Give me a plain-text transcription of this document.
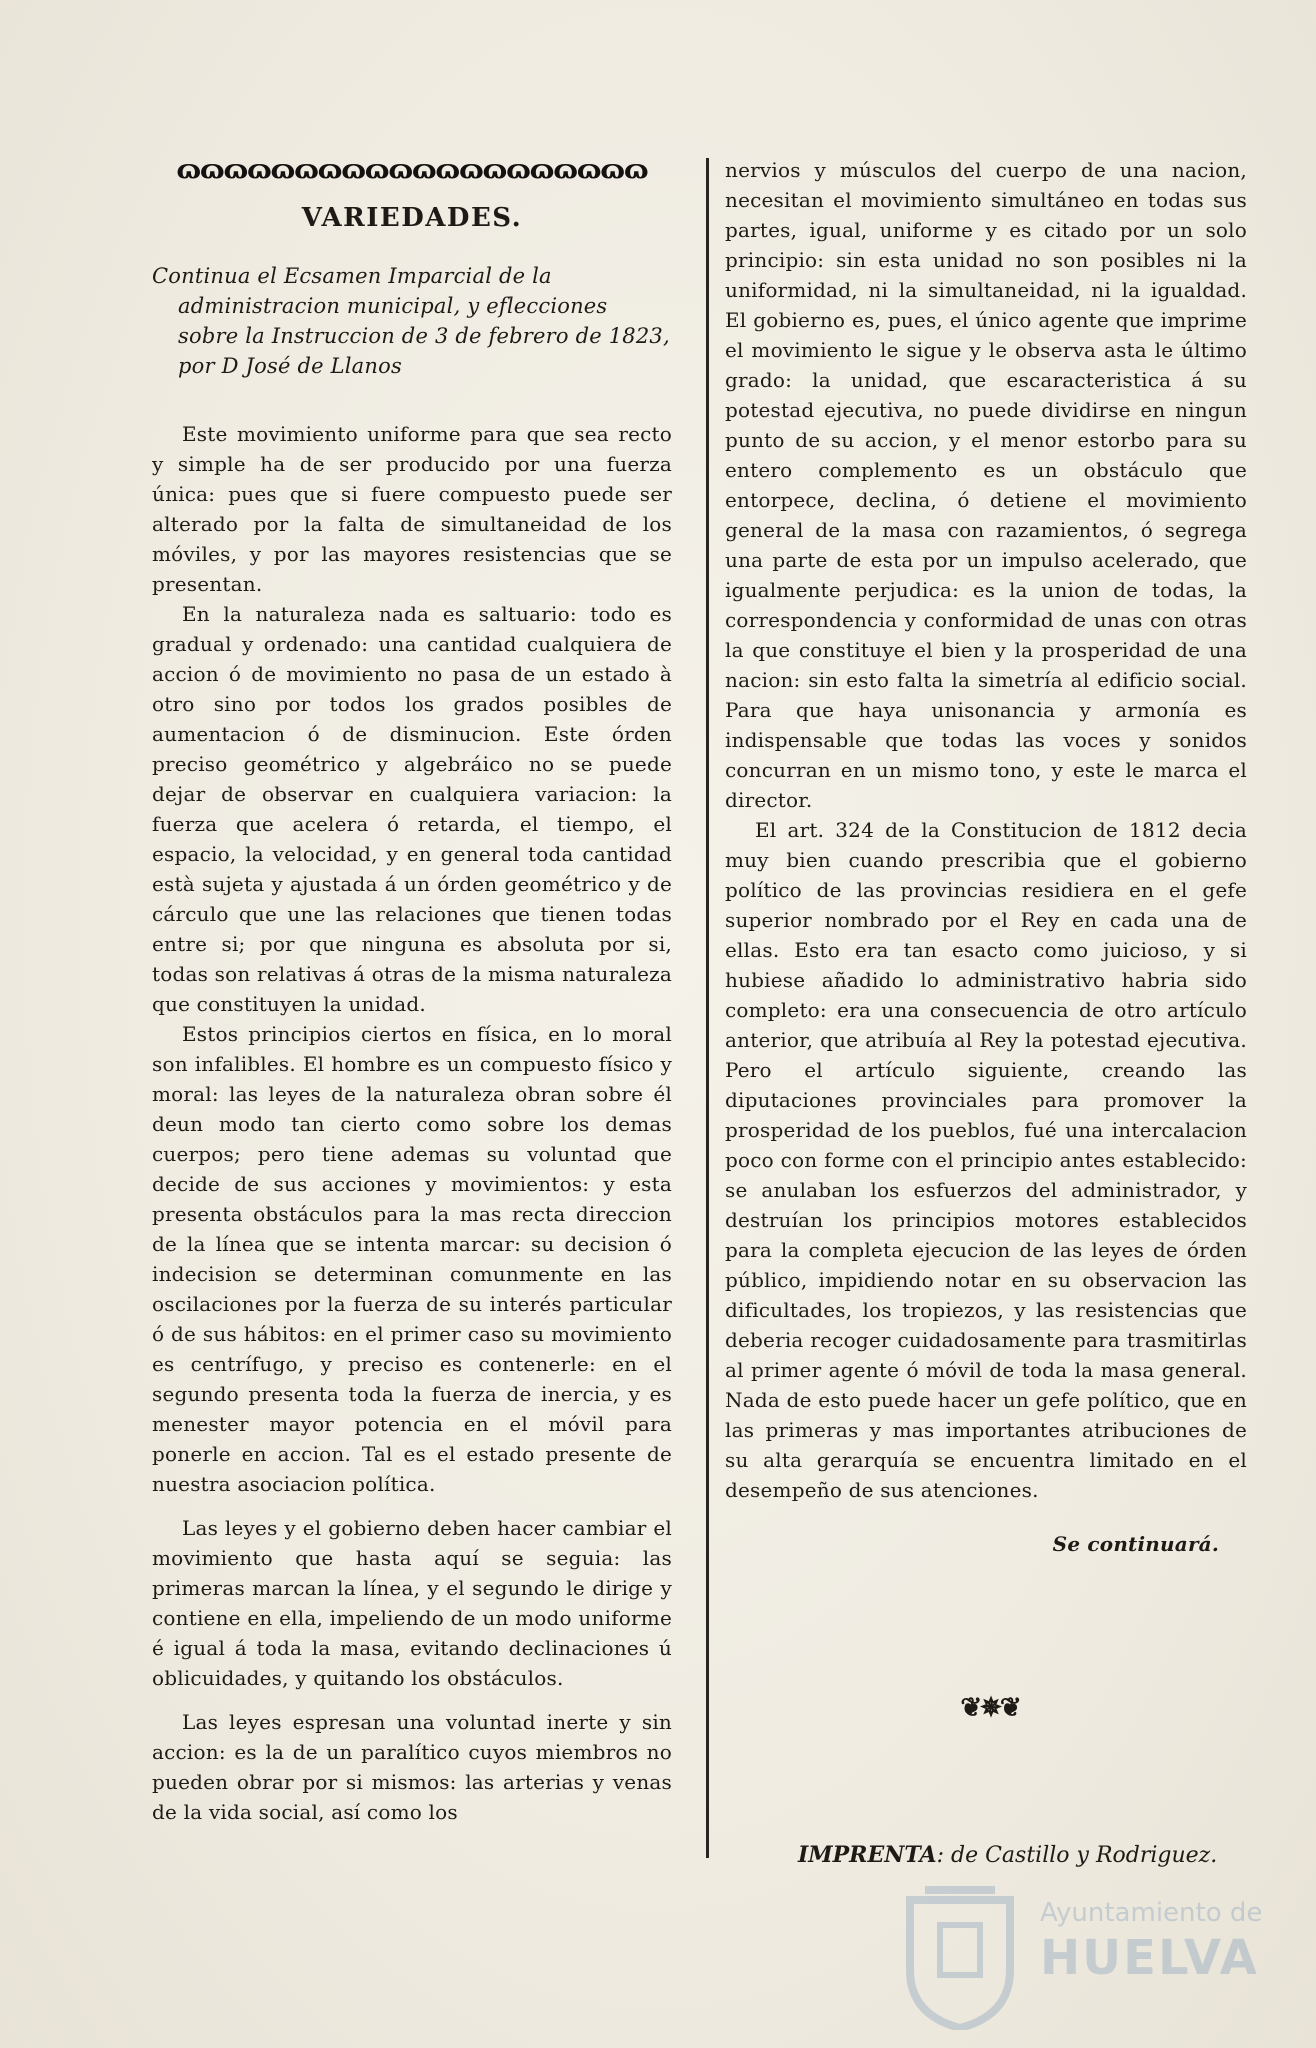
ɷɷɷɷɷɷɷɷɷɷɷɷɷɷɷɷɷɷɷɷ
VARIEDADES.
Continua el Ecsamen Imparcial de la administracion municipal, y eflecciones sobre la Instruccion de 3 de febrero de 1823, por D José de Llanos

Este movimiento uniforme para que sea recto y simple ha de ser producido por una fuerza única: pues que si fuere compuesto puede ser alterado por la falta de simultaneidad de los móviles, y por las mayores resistencias que se presentan.

En la naturaleza nada es saltuario: todo es gradual y ordenado: una cantidad cualquiera de accion ó de movimiento no pasa de un estado à otro sino por todos los grados posibles de aumentacion ó de disminucion. Este órden preciso geométrico y algebráico no se puede dejar de observar en cualquiera variacion: la fuerza que acelera ó retarda, el tiempo, el espacio, la velocidad, y en general toda cantidad està sujeta y ajustada á un órden geométrico y de cárculo que une las relaciones que tienen todas entre si; por que ninguna es absoluta por si, todas son relativas á otras de la misma naturaleza que constituyen la unidad.

Estos principios ciertos en física, en lo moral son infalibles. El hombre es un compuesto físico y moral: las leyes de la naturaleza obran sobre él deun modo tan cierto como sobre los demas cuerpos; pero tiene ademas su voluntad que decide de sus acciones y movimientos: y esta presenta obstáculos para la mas recta direccion de la línea que se intenta marcar: su decision ó indecision se determinan comunmente en las oscilaciones por la fuerza de su interés particular ó de sus hábitos: en el primer caso su movimiento es centrífugo, y preciso es contenerle: en el segundo presenta toda la fuerza de inercia, y es menester mayor potencia en el móvil para ponerle en accion. Tal es el estado presente de nuestra asociacion política.

Las leyes y el gobierno deben hacer cambiar el movimiento que hasta aquí se seguia: las primeras marcan la línea, y el segundo le dirige y contiene en ella, impeliendo de un modo uniforme é igual á toda la masa, evitando declinaciones ú oblicuidades, y quitando los obstáculos.

Las leyes espresan una voluntad inerte y sin accion: es la de un paralítico cuyos miembros no pueden obrar por si mismos: las arterias y venas de la vida social, así como los

nervios y músculos del cuerpo de una nacion, necesitan el movimiento simultáneo en todas sus partes, igual, uniforme y es citado por un solo principio: sin esta unidad no son posibles ni la uniformidad, ni la simultaneidad, ni la igualdad. El gobierno es, pues, el único agente que imprime el movimiento le sigue y le observa asta le último grado: la unidad, que escaracteristica á su potestad ejecutiva, no puede dividirse en ningun punto de su accion, y el menor estorbo para su entero complemento es un obstáculo que entorpece, declina, ó detiene el movimiento general de la masa con razamientos, ó segrega una parte de esta por un impulso acelerado, que igualmente perjudica: es la union de todas, la correspondencia y conformidad de unas con otras la que constituye el bien y la prosperidad de una nacion: sin esto falta la simetría al edificio social. Para que haya unisonancia y armonía es indispensable que todas las voces y sonidos concurran en un mismo tono, y este le marca el director.

El art. 324 de la Constitucion de 1812 decia muy bien cuando prescribia que el gobierno político de las provincias residiera en el gefe superior nombrado por el Rey en cada una de ellas. Esto era tan esacto como juicioso, y si hubiese añadido lo administrativo habria sido completo: era una consecuencia de otro artículo anterior, que atribuía al Rey la potestad ejecutiva. Pero el artículo siguiente, creando las diputaciones provinciales para promover la prosperidad de los pueblos, fué una intercalacion poco con forme con el principio antes establecido: se anulaban los esfuerzos del administrador, y destruían los principios motores establecidos para la completa ejecucion de las leyes de órden público, impidiendo notar en su observacion las dificultades, los tropiezos, y las resistencias que deberia recoger cuidadosamente para trasmitirlas al primer agente ó móvil de toda la masa general. Nada de esto puede hacer un gefe político, que en las primeras y mas importantes atribuciones de su alta gerarquía se encuentra limitado en el desempeño de sus atenciones.

Se continuará.
❦✵❦
IMPRENTA: de Castillo y Rodriguez.
Ayuntamiento de
HUELVA
